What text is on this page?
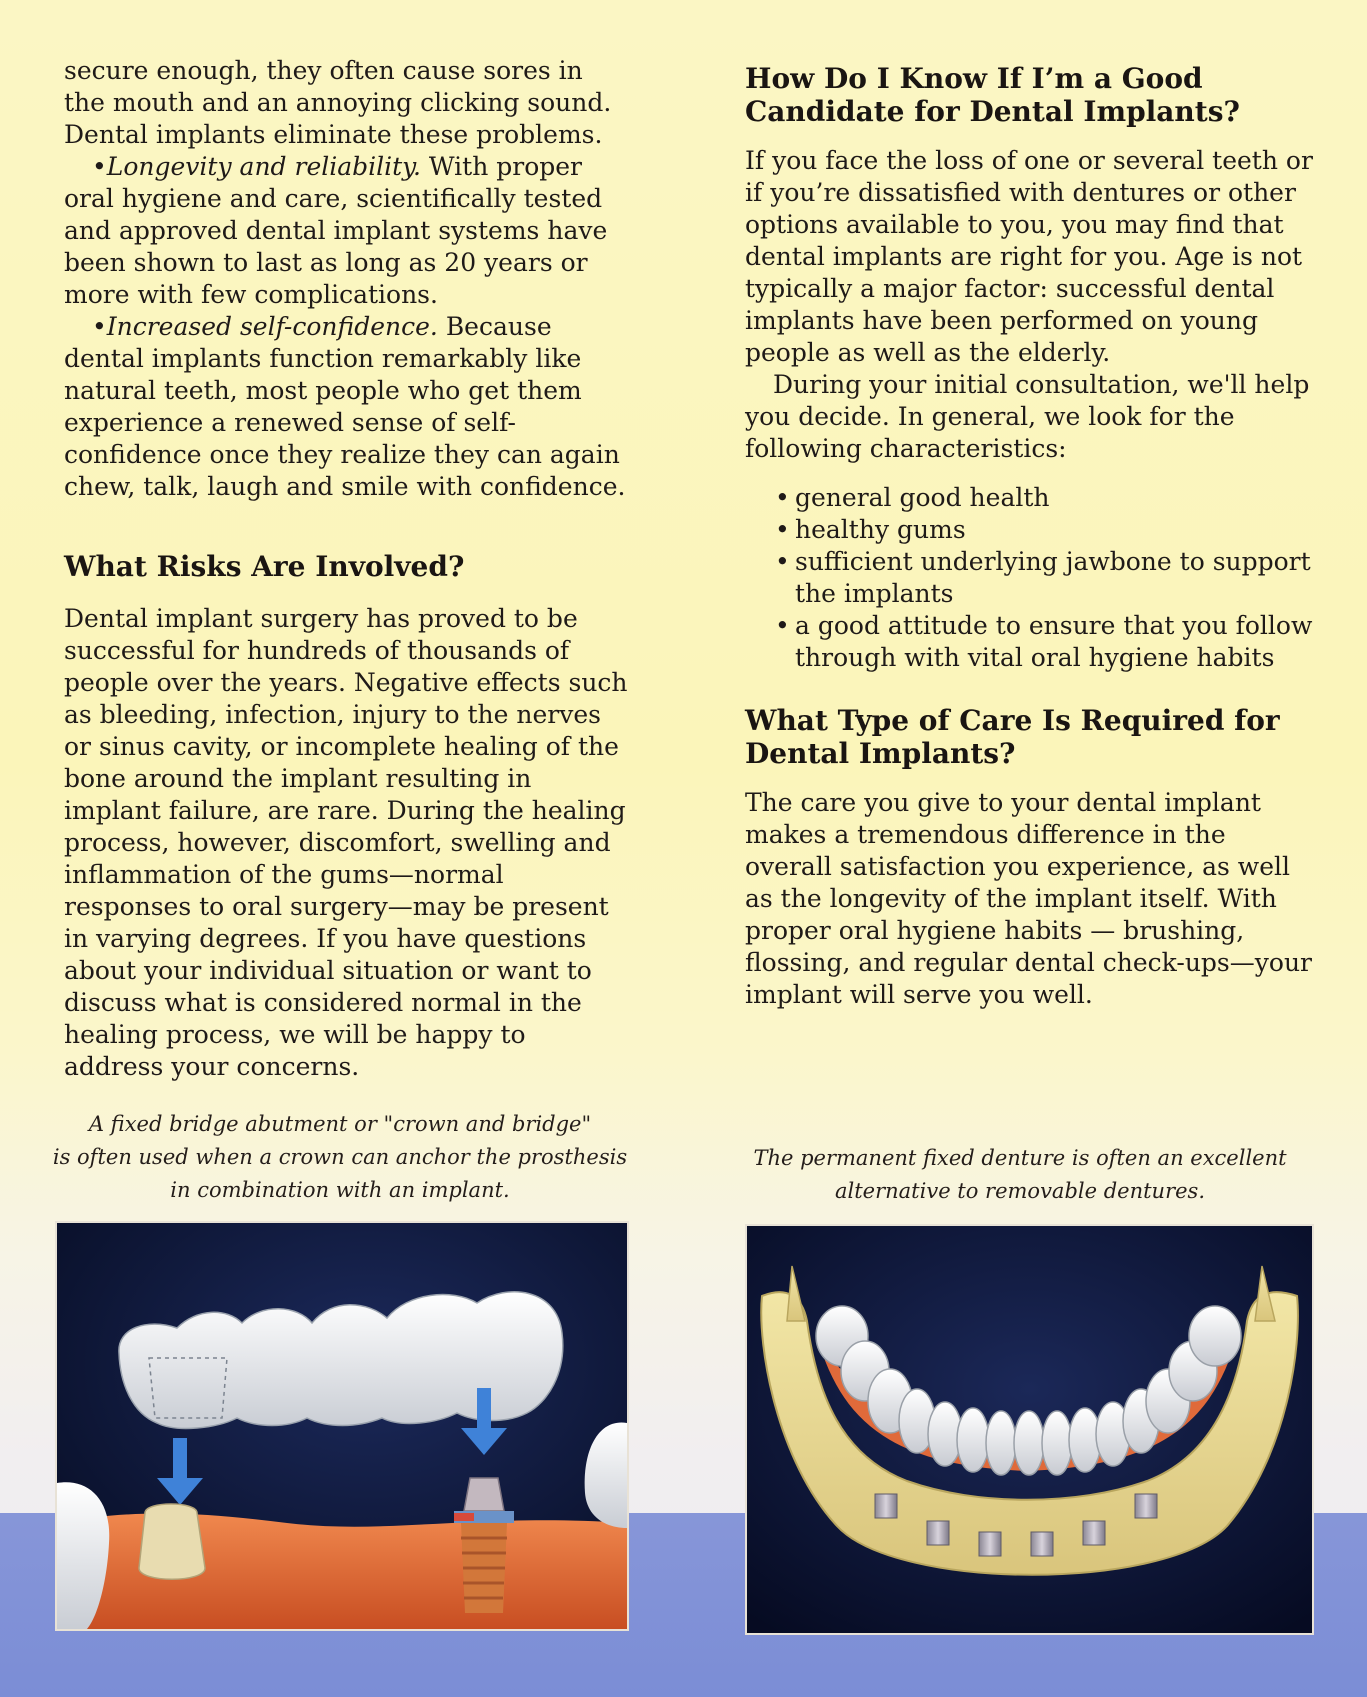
secure enough, they often cause sores in the mouth and an annoying clicking sound. Dental implants eliminate these problems.

•Longevity and reliability. With proper oral hygiene and care, scientifically tested and approved dental implant systems have been shown to last as long as 20 years or more with few complications.

•Increased self-confidence. Because dental implants function remarkably like natural teeth, most people who get them experience a renewed sense of self-confidence once they realize they can again chew, talk, laugh and smile with confidence.

What Risks Are Involved?

Dental implant surgery has proved to be successful for hundreds of thousands of people over the years. Negative effects such as bleeding, infection, injury to the nerves or sinus cavity, or incomplete healing of the bone around the implant resulting in implant failure, are rare. During the healing process, however, discomfort, swelling and inflammation of the gums—normal responses to oral surgery—may be present in varying degrees. If you have questions about your individual situation or want to discuss what is considered normal in the healing process, we will be happy to address your concerns.

How Do I Know If I’m a Good
Candidate for Dental Implants?

If you face the loss of one or several teeth or if you’re dissatisfied with dentures or other options available to you, you may find that dental implants are right for you. Age is not typically a major factor: successful dental implants have been performed on young people as well as the elderly.

During your initial consultation, we'll help you decide. In general, we look for the following characteristics:

• general good health
• healthy gums
• sufficient underlying jawbone to support the implants
• a good attitude to ensure that you follow through with vital oral hygiene habits
What Type of Care Is Required for
Dental Implants?

The care you give to your dental implant makes a tremendous difference in the overall satisfaction you experience, as well as the longevity of the implant itself. With proper oral hygiene habits — brushing, flossing, and regular dental check-ups—your implant will serve you well.

A fixed bridge abutment or "crown and bridge"

is often used when a crown can anchor the prosthesis

in combination with an implant.

The permanent fixed denture is often an excellent

alternative to removable dentures.
